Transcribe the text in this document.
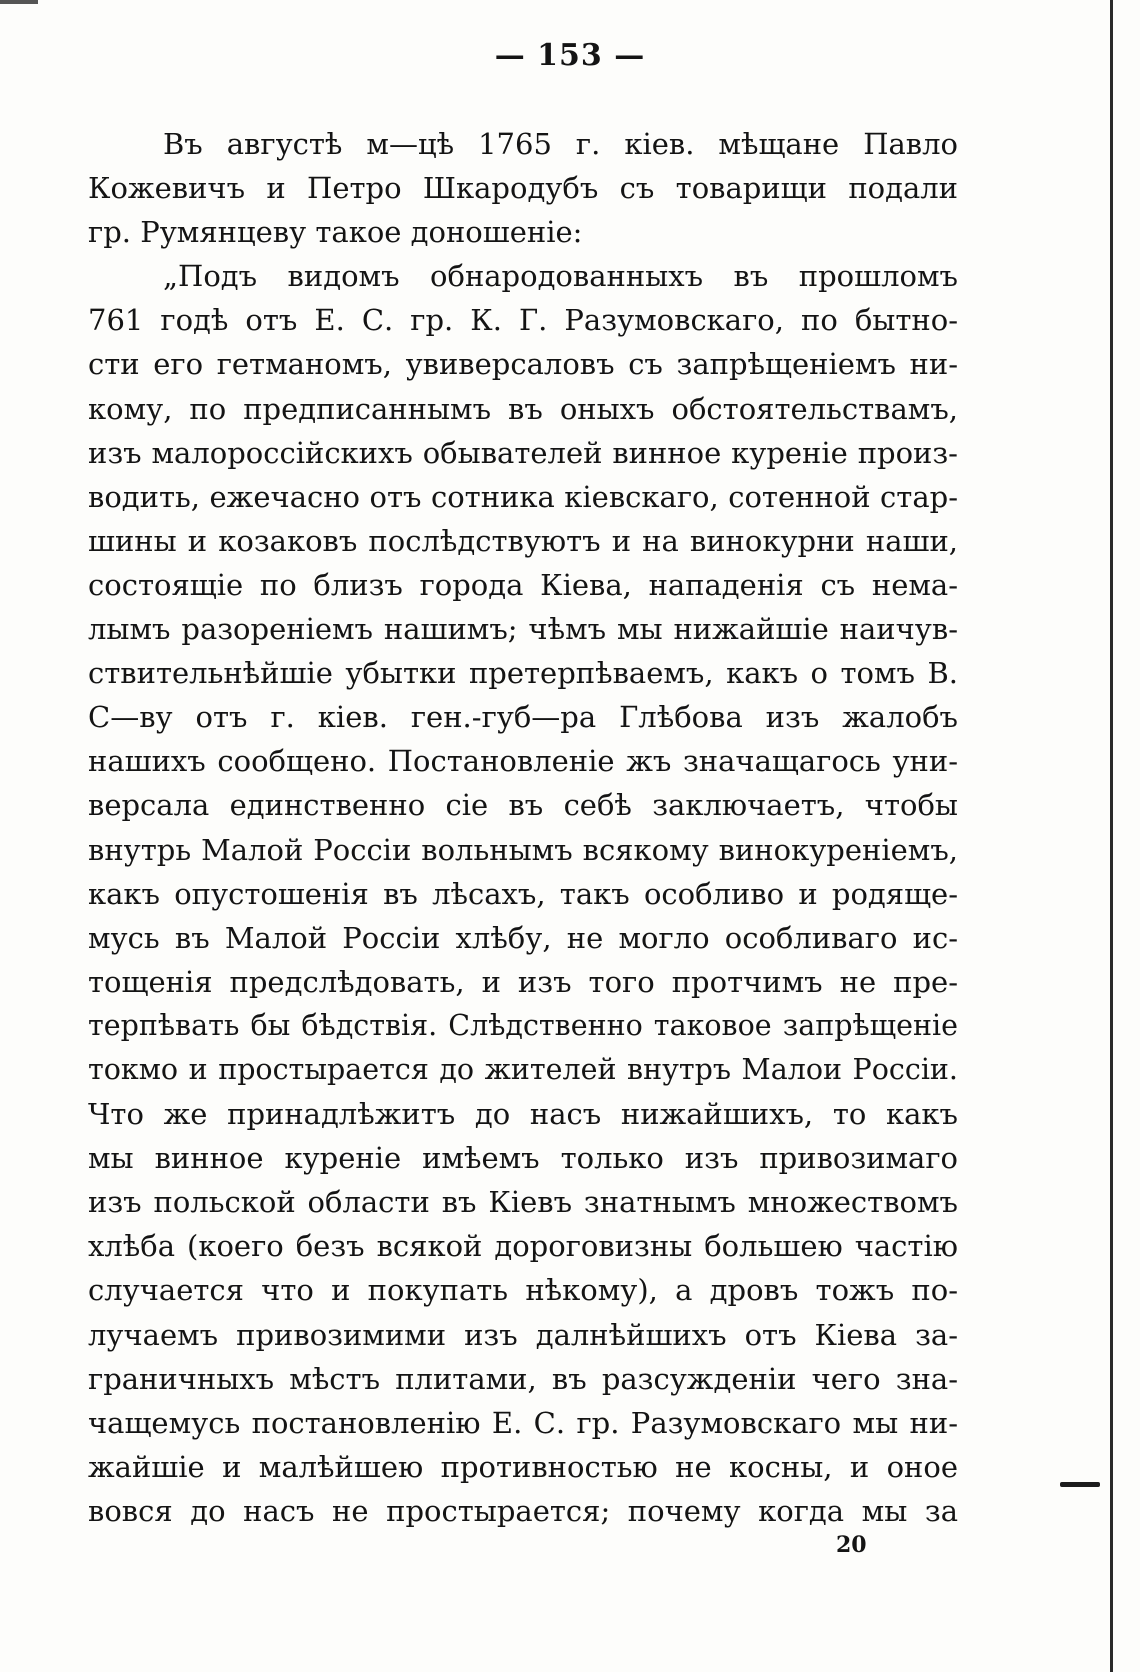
— 153 —
Въ августѣ м—цѣ 1765 г. кіев. мѣщане Павло
Кожевичъ и Петро Шкародубъ съ товарищи подали
гр. Румянцеву такое доношеніе:
„Подъ видомъ обнародованныхъ въ прошломъ
761 годѣ отъ Е. С. гр. К. Г. Разумовскаго, по бытно-
сти его гетманомъ, увиверсаловъ съ запрѣщеніемъ ни-
кому, по предписаннымъ въ оныхъ обстоятельствамъ,
изъ малороссійскихъ обывателей винное куреніе произ-
водить, ежечасно отъ сотника кіевскаго, сотенной стар-
шины и козаковъ послѣдствуютъ и на винокурни наши,
состоящіе по близъ города Кіева, нападенія съ нема-
лымъ разореніемъ нашимъ; чѣмъ мы нижайшіе наичув-
ствительнѣйшіе убытки претерпѣваемъ, какъ о томъ В.
С—ву отъ г. кіев. ген.-губ—ра Глѣбова изъ жалобъ
нашихъ сообщено. Постановленіе жъ значащагось уни-
версала единственно сіе въ себѣ заключаетъ, чтобы
внутрь Малой Россіи вольнымъ всякому винокуреніемъ,
какъ опустошенія въ лѣсахъ, такъ особливо и родяще-
мусь въ Малой Россіи хлѣбу, не могло особливаго ис-
тощенія предслѣдовать, и изъ того протчимъ не пре-
терпѣвать бы бѣдствія. Слѣдственно таковое запрѣщеніе
токмо и простырается до жителей внутръ Малои Россіи.
Что же принадлѣжитъ до насъ нижайшихъ, то какъ
мы винное куреніе имѣемъ только изъ привозимаго
изъ польской области въ Кіевъ знатнымъ множествомъ
хлѣба (коего безъ всякой дороговизны большею частію
случается что и покупать нѣкому), а дровъ тожъ по-
лучаемъ привозимими изъ далнѣйшихъ отъ Кіева за-
граничныхъ мѣстъ плитами, въ разсужденіи чего зна-
чащемусь постановленію Е. С. гр. Разумовскаго мы ни-
жайшіе и малѣйшею противностью не косны, и оное
вовся до насъ не простырается; почему когда мы за
20
